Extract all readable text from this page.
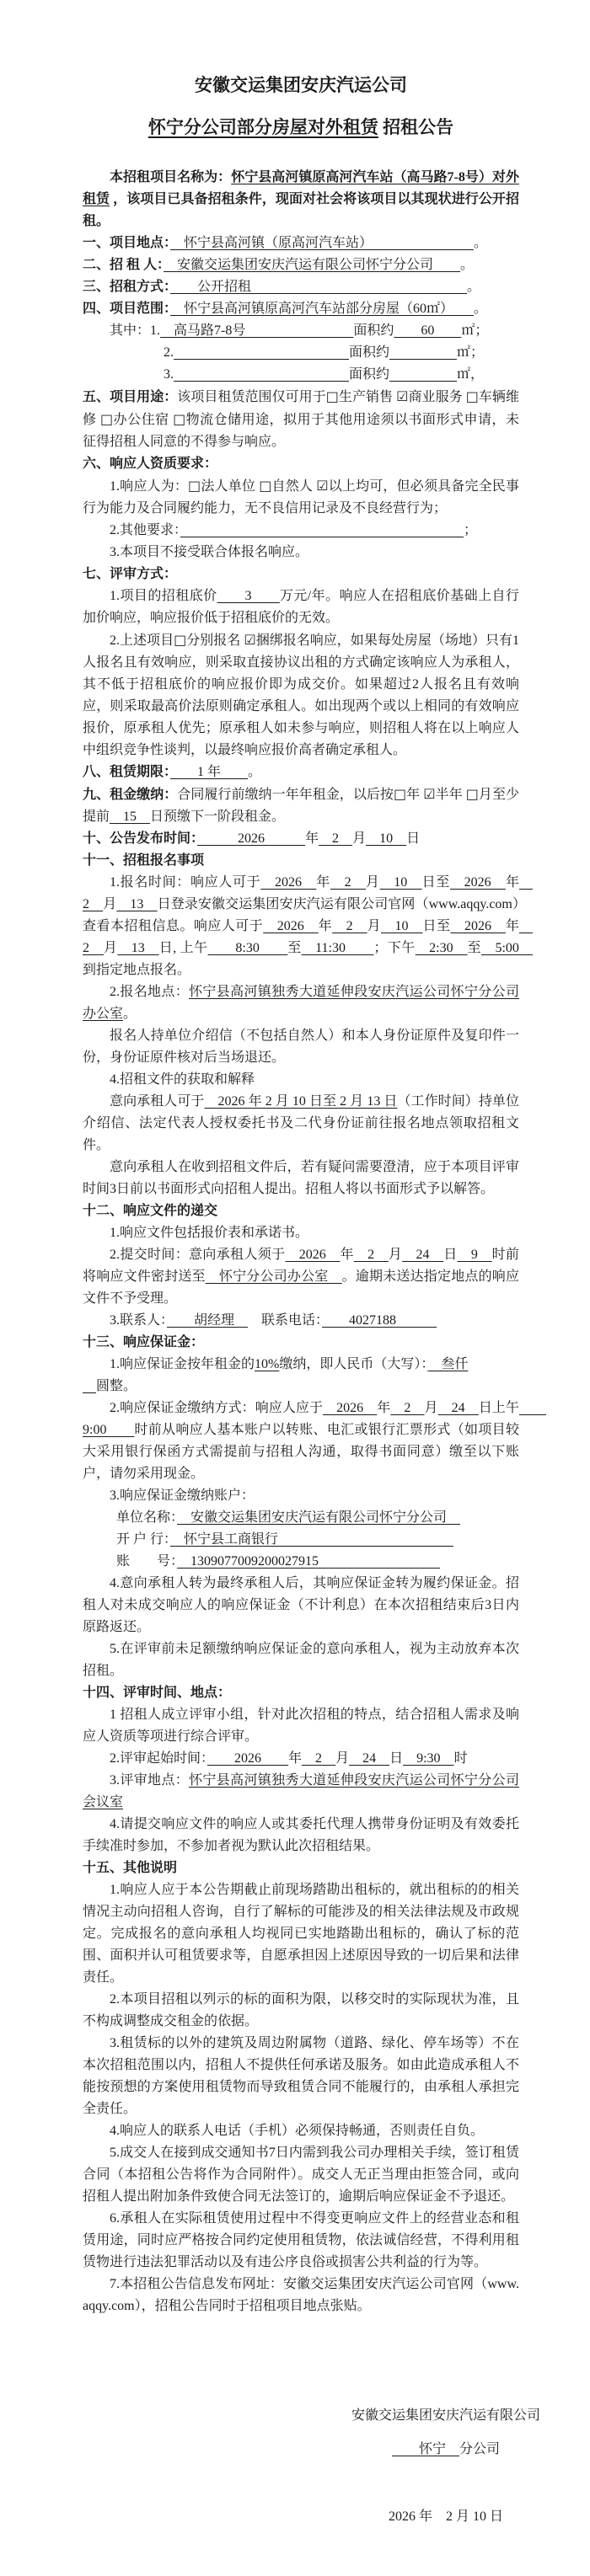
安徽交运集团安庆汽运公司

怀宁分公司部分房屋对外租赁 招租公告

本招租项目名称为：怀宁县高河镇原高河汽车站（高马路7-8号）对外租赁 ，该项目已具备招租条件，现面对社会将该项目以其现状进行公开招租。

一、项目地点：　怀宁县高河镇（原高河汽车站）　　　　　　　　。

二、招 租 人：　安徽交运集团安庆汽运有限公司怀宁分公司　　。

三、招租方式：　　公开招租　　　　　　　　　　　　　　　　。

四、项目范围：　怀宁县高河镇原高河汽车站部分房屋（60㎡）　　。

其中：1.　高马路7-8号　　　　　　　　面积约　　60　　㎡；

2.　　　　　　　　　　　　　	面积约　　　　　	㎡；

3.　　　　　　　　　　　　　	面积约　　　　　	㎡，

五、项目用途：该项目租赁范围仅可用于□生产销售 ☑商业服务 □车辆维修 □办公住宿 □物流仓储用途，拟用于其他用途须以书面形式申请，未征得招租人同意的不得参与响应。

六、响应人资质要求：

1.响应人为：□法人单位 □自然人 ☑以上均可，但必须具备完全民事行为能力及合同履约能力，无不良信用记录及不良经营行为；

2.其他要求：　　　　　　　　　　　　　　　　　　　　　	；

3.本项目不接受联合体报名响应。

七、评审方式：

1.项目的招租底价　　3　　万元/年。响应人在招租底价基础上自行加价响应，响应报价低于招租底价的无效。

2.上述项目□分别报名 ☑捆绑报名响应，如果每处房屋（场地）只有1人报名且有效响应，则采取直接协议出租的方式确定该响应人为承租人，其不低于招租底价的响应报价即为成交价。如果超过2人报名且有效响应，则采取最高价法原则确定承租人。如出现两个或以上相同的有效响应报价，原承租人优先；原承租人如未参与响应，则招租人将在以上响应人中组织竞争性谈判，以最终响应报价高者确定承租人。

八、租赁期限：　　1 年　　。

九、租金缴纳：合同履行前缴纳一年年租金，以后按□年 ☑半年 □月至少提前　15　日预缴下一阶段租金。

十、公告发布时间：　　　2026　　　年　2　月　10　日

十一、招租报名事项

1.报名时间：响应人可于　2026　年　2　月　10　日至　2026　年　2　月　13　日登录安徽交运集团安庆汽运有限公司官网（www.aqqy.com）查看本招租信息。响应人可于　2026　年　2　月　10　日至　2026　年　2　月　13　日, 上午　　8:30　　至　11:30　　；下午　2:30　至　5:00　到指定地点报名。

2.报名地点：怀宁县高河镇独秀大道延伸段安庆汽运公司怀宁分公司办公室。

报名人持单位介绍信（不包括自然人）和本人身份证原件及复印件一份，身份证原件核对后当场退还。

4.招租文件的获取和解释

意向承租人可于　2026 年 2 月 10 日至 2 月 13 日（工作时间）持单位介绍信、法定代表人授权委托书及二代身份证前往报名地点领取招租文件。

意向承租人在收到招租文件后，若有疑问需要澄清，应于本项目评审时间3日前以书面形式向招租人提出。招租人将以书面形式予以解答。

十二、响应文件的递交

1.响应文件包括报价表和承诺书。

2.提交时间：意向承租人须于　2026　年　2　月　24　日　9　时前将响应文件密封送至　怀宁分公司办公室　。逾期未送达指定地点的响应文件不予受理。

3.联系人：　　胡经理　　联系电话：　　4027188　　　

十三、响应保证金：

1.响应保证金按年租金的10%缴纳，即人民币（大写）：　叁仟

　圆整。

2.响应保证金缴纳方式：响应人应于　2026　年　2　月　24　日上午　　9:00　　时前从响应人基本账户以转账、电汇或银行汇票形式（如项目较大采用银行保函方式需提前与招租人沟通，取得书面同意）缴至以下账户，请勿采用现金。

3.响应保证金缴纳账户：

单位名称：　安徽交运集团安庆汽运有限公司怀宁分公司　

开 户 行：　怀宁县工商银行　　　　　　　　　　　　　

账　　号：　1309077009200027915　　　　　　　　　

4.意向承租人转为最终承租人后，其响应保证金转为履约保证金。招租人对未成交响应人的响应保证金（不计利息）在本次招租结束后3日内原路返还。

5.在评审前未足额缴纳响应保证金的意向承租人，视为主动放弃本次招租。

十四、评审时间、地点：

1 招租人成立评审小组，针对此次招租的特点，结合招租人需求及响应人资质等项进行综合评审。

2.评审起始时间：　　2026　　年　2　月　24　日　9:30　时

3.评审地点：怀宁县高河镇独秀大道延伸段安庆汽运公司怀宁分公司会议室

4.请提交响应文件的响应人或其委托代理人携带身份证明及有效委托手续准时参加，不参加者视为默认此次招租结果。

十五、其他说明

1.响应人应于本公告期截止前现场踏勘出租标的，就出租标的的相关情况主动向招租人咨询，自行了解标的可能涉及的相关法律法规及市政规定。完成报名的意向承租人均视同已实地踏勘出租标的，确认了标的范围、面积并认可租赁要求等，自愿承担因上述原因导致的一切后果和法律责任。

2.本项目招租以列示的标的面积为限，以移交时的实际现状为准，且不构成调整成交租金的依据。

3.租赁标的以外的建筑及周边附属物（道路、绿化、停车场等）不在本次招租范围以内，招租人不提供任何承诺及服务。如由此造成承租人不能按预想的方案使用租赁物而导致租赁合同不能履行的，由承租人承担完全责任。

4.响应人的联系人电话（手机）必须保持畅通，否则责任自负。

5.成交人在接到成交通知书7日内需到我公司办理相关手续，签订租赁合同（本招租公告将作为合同附件）。成交人无正当理由拒签合同，或向招租人提出附加条件致使合同无法签订的，逾期后响应保证金不予退还。

6.承租人在实际租赁使用过程中不得变更响应文件上的经营业态和租赁用途，同时应严格按合同约定使用租赁物，依法诚信经营，不得利用租赁物进行违法犯罪活动以及有违公序良俗或损害公共利益的行为等。

7.本招租公告信息发布网址：安徽交运集团安庆汽运公司官网（www.aqqy.com），招租公告同时于招租项目地点张贴。

安徽交运集团安庆汽运有限公司
　　怀宁　分公司
2026 年　2 月 10 日
